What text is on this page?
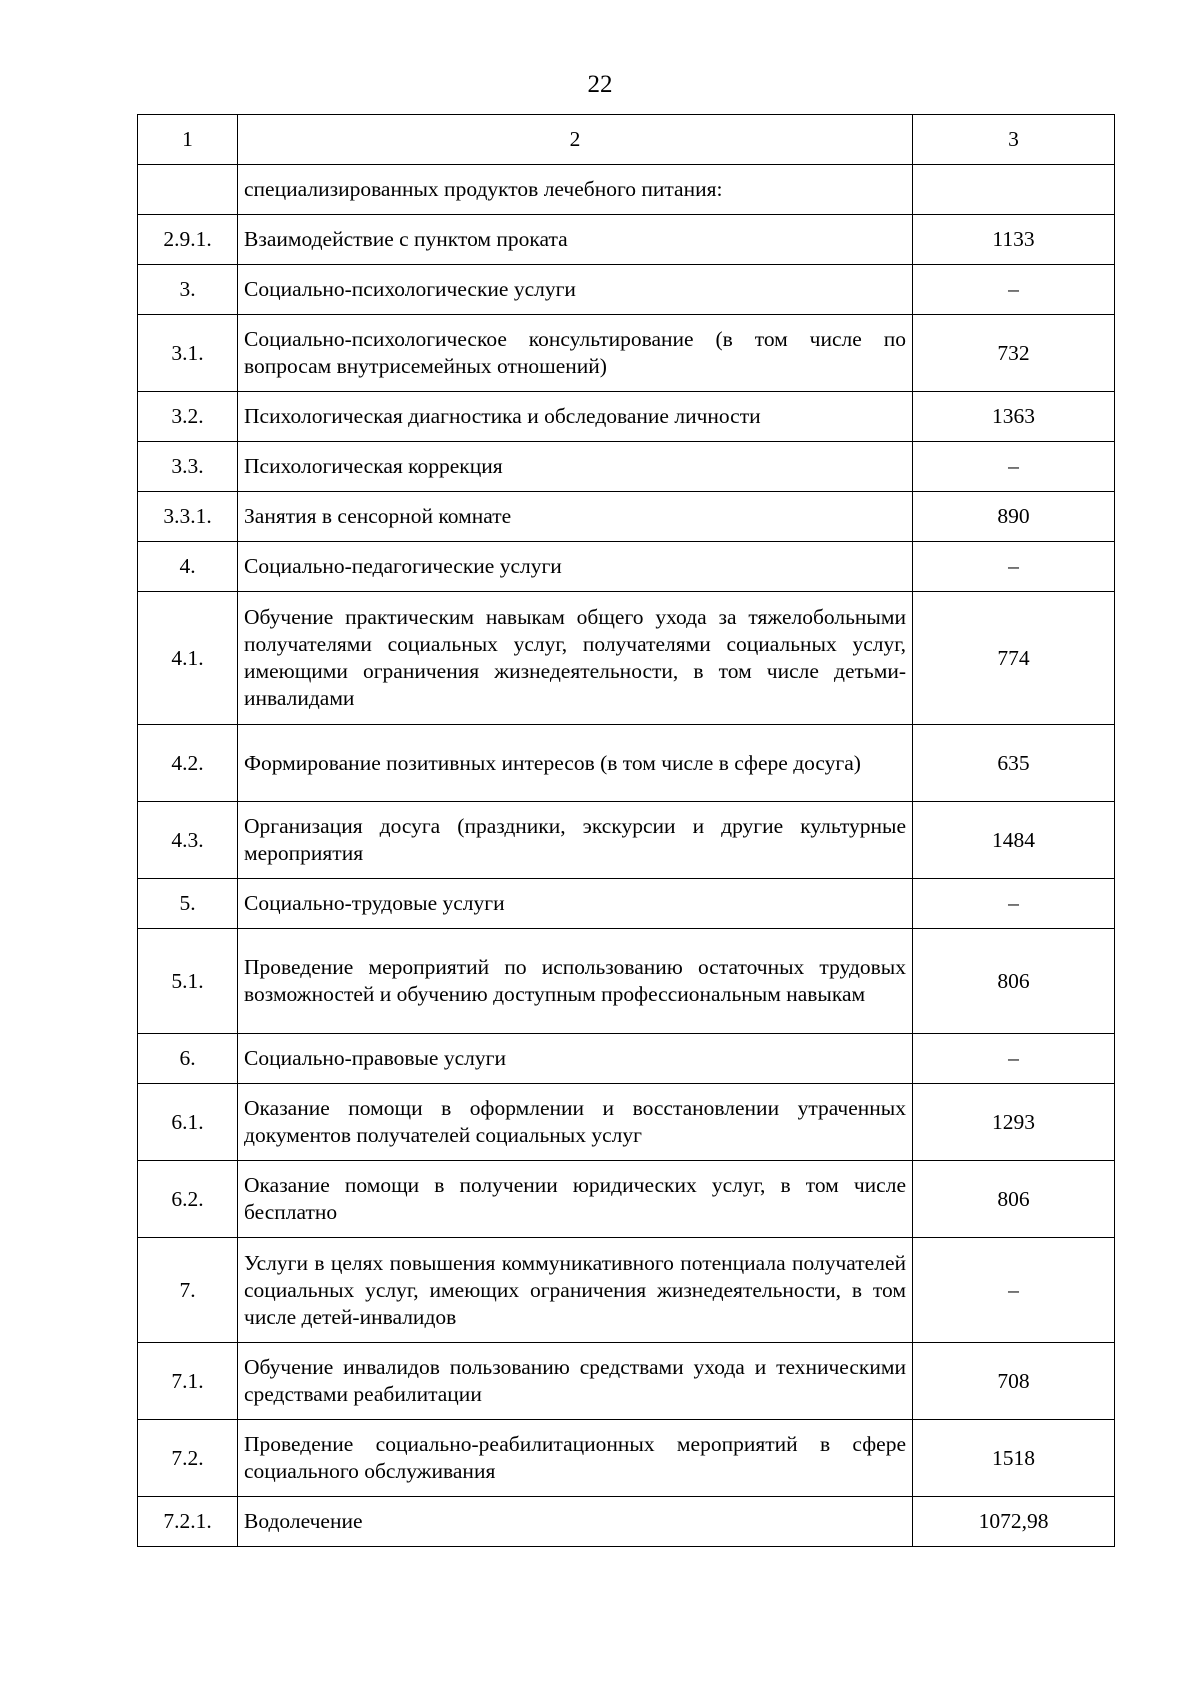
22
1	2	3
	специализированных продуктов лечебного питания:	
2.9.1.	Взаимодействие с пунктом проката	1133
3.	Социально-психологические услуги	–
3.1.	Социально-психологическое консультирование (в том числе по вопросам внутрисемейных отношений)	732
3.2.	Психологическая диагностика и обследование личности	1363
3.3.	Психологическая коррекция	–
3.3.1.	Занятия в сенсорной комнате	890
4.	Социально-педагогические услуги	–
4.1.	Обучение практическим навыкам общего ухода за тяжелобольными получателями социальных услуг, получателями социальных услуг, имеющими ограничения жизнедеятельности, в том числе детьми-инвалидами	774
4.2.	Формирование позитивных интересов (в том числе в сфере досуга)	635
4.3.	Организация досуга (праздники, экскурсии и другие культурные мероприятия	1484
5.	Социально-трудовые услуги	–
5.1.	Проведение мероприятий по использованию остаточных трудовых возможностей и обучению доступным профессиональным навыкам	806
6.	Социально-правовые услуги	–
6.1.	Оказание помощи в оформлении и восстановлении утраченных документов получателей социальных услуг	1293
6.2.	Оказание помощи в получении юридических услуг, в том числе бесплатно	806
7.	Услуги в целях повышения коммуникативного потенциала получателей социальных услуг, имеющих ограничения жизнедеятельности, в том числе детей-инвалидов	–
7.1.	Обучение инвалидов пользованию средствами ухода и техническими средствами реабилитации	708
7.2.	Проведение социально-реабилитационных мероприятий в сфере социального обслуживания	1518
7.2.1.	Водолечение	1072,98
